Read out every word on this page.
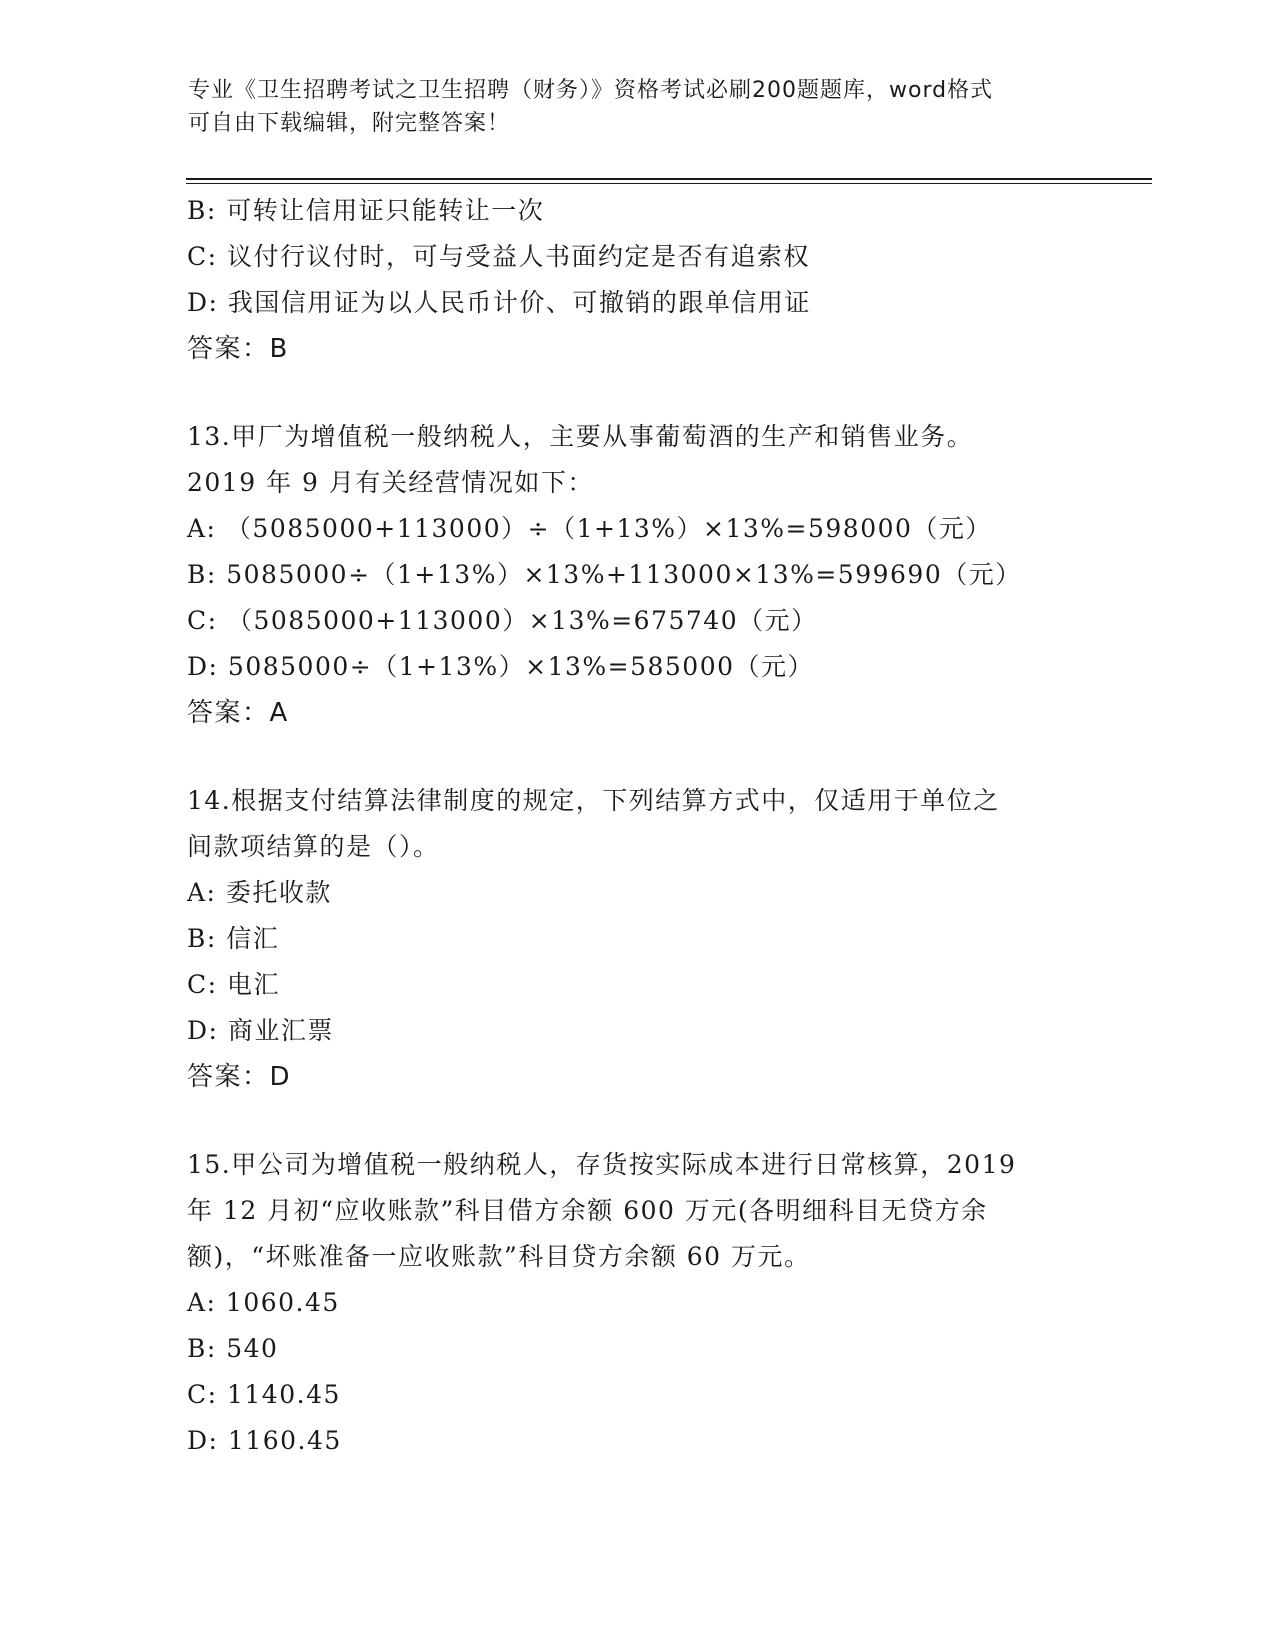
专业《卫生招聘考试之卫生招聘（财务）》资格考试必刷200题题库，word格式
可自由下载编辑，附完整答案！
B: 可转让信用证只能转让一次
C: 议付行议付时，可与受益人书面约定是否有追索权
D: 我国信用证为以人民币计价、可撤销的跟单信用证
答案：B
13.甲厂为增值税一般纳税人，主要从事葡萄酒的生产和销售业务。
2019 年 9 月有关经营情况如下：
A: （5085000+113000）÷（1+13%）×13%=598000（元）
B: 5085000÷（1+13%）×13%+113000×13%=599690（元）
C: （5085000+113000）×13%=675740（元）
D: 5085000÷（1+13%）×13%=585000（元）
答案：A
14.根据支付结算法律制度的规定，下列结算方式中，仅适用于单位之
间款项结算的是（）。
A: 委托收款
B: 信汇
C: 电汇
D: 商业汇票
答案：D
15.甲公司为增值税一般纳税人，存货按实际成本进行日常核算，2019
年 12 月初“应收账款”科目借方余额 600 万元(各明细科目无贷方余
额)，“坏账准备一应收账款”科目贷方余额 60 万元。
A: 1060.45
B: 540
C: 1140.45
D: 1160.45
